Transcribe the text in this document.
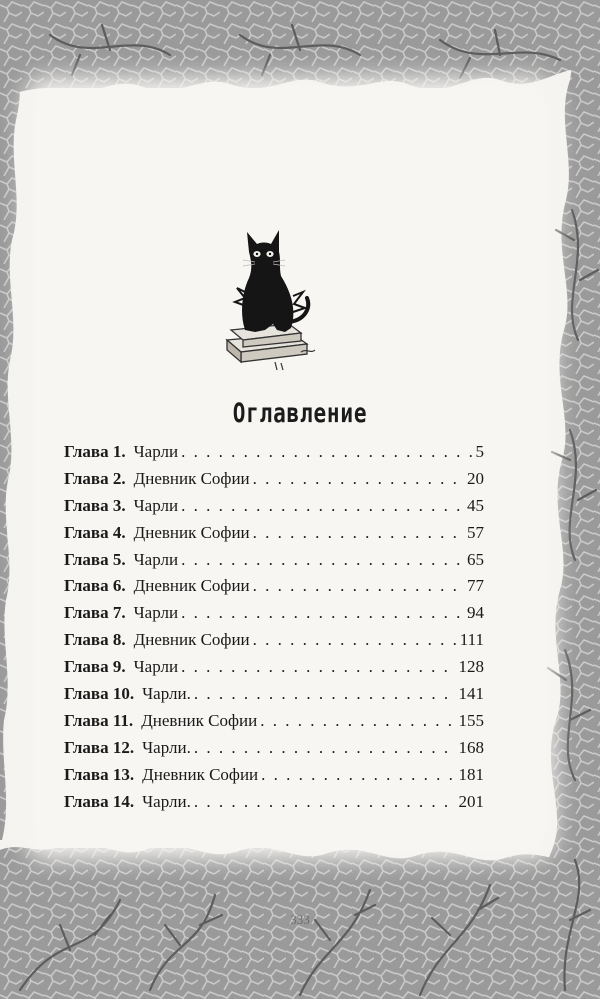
Оглавление
Глава 1. Чарли . . .	5
Глава 2. Дневник Софии . . .	20
Глава 3. Чарли . . .	45
Глава 4. Дневник Софии . . .	57
Глава 5. Чарли . . .	65
Глава 6. Дневник Софии . . .	77
Глава 7. Чарли . . .	94
Глава 8. Дневник Софии . . .	111
Глава 9. Чарли . . .	128
Глава 10. Чарли. . . .	141
Глава 11. Дневник Софии . . .	155
Глава 12. Чарли. . . .	168
Глава 13. Дневник Софии . . .	181
Глава 14. Чарли. . . .	201
333
